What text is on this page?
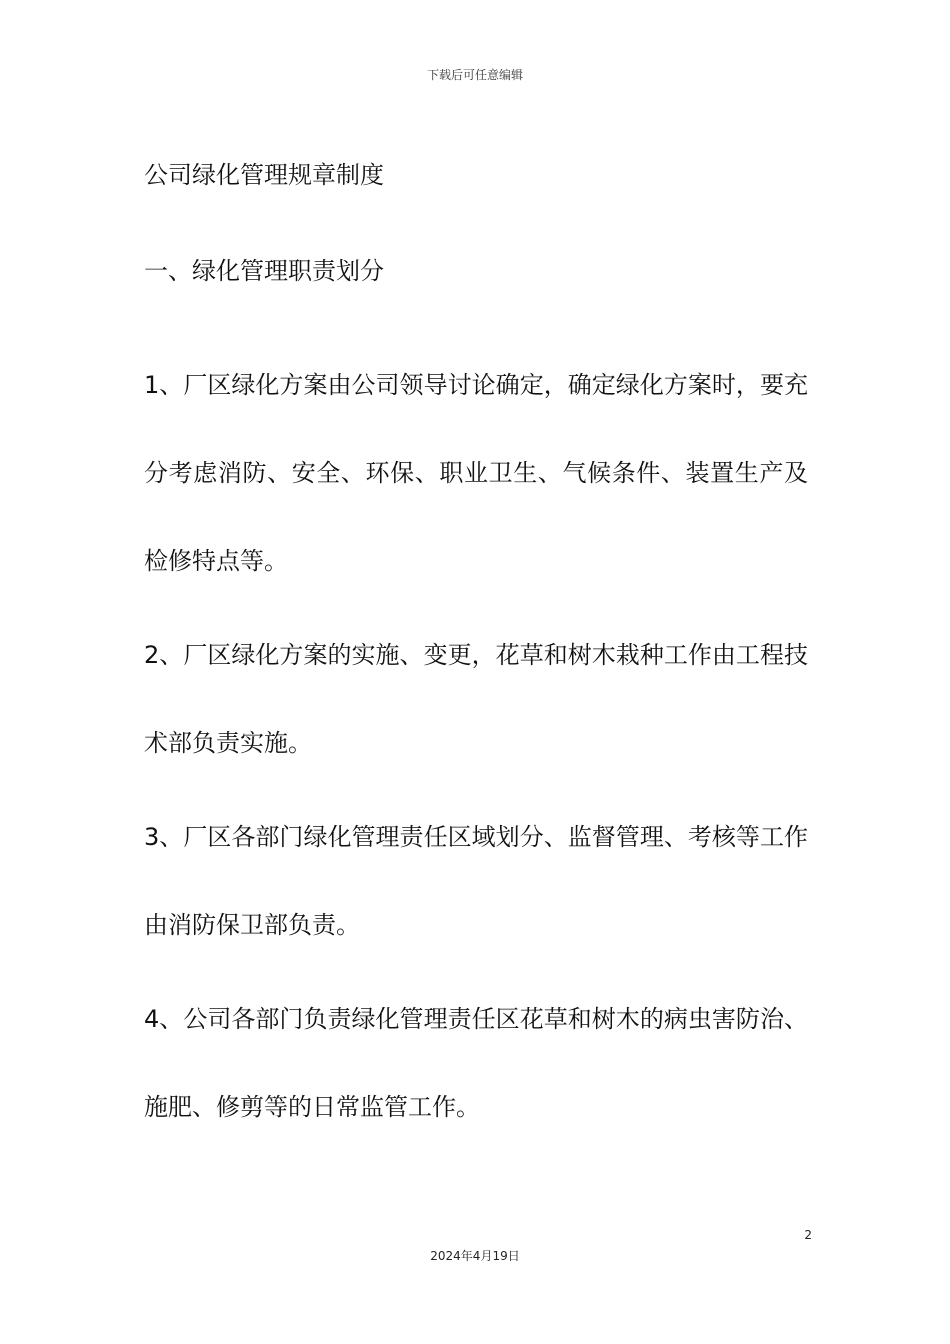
下载后可任意编辑

公司绿化管理规章制度

一、绿化管理职责划分

1、厂区绿化方案由公司领导讨论确定，确定绿化方案时，要充分考虑消防、安全、环保、职业卫生、气候条件、装置生产及检修特点等。

2、厂区绿化方案的实施、变更，花草和树木栽种工作由工程技术部负责实施。

3、厂区各部门绿化管理责任区域划分、监督管理、考核等工作由消防保卫部负责。

4、公司各部门负责绿化管理责任区花草和树木的病虫害防治、施肥、修剪等的日常监管工作。

2
2024年4月19日
